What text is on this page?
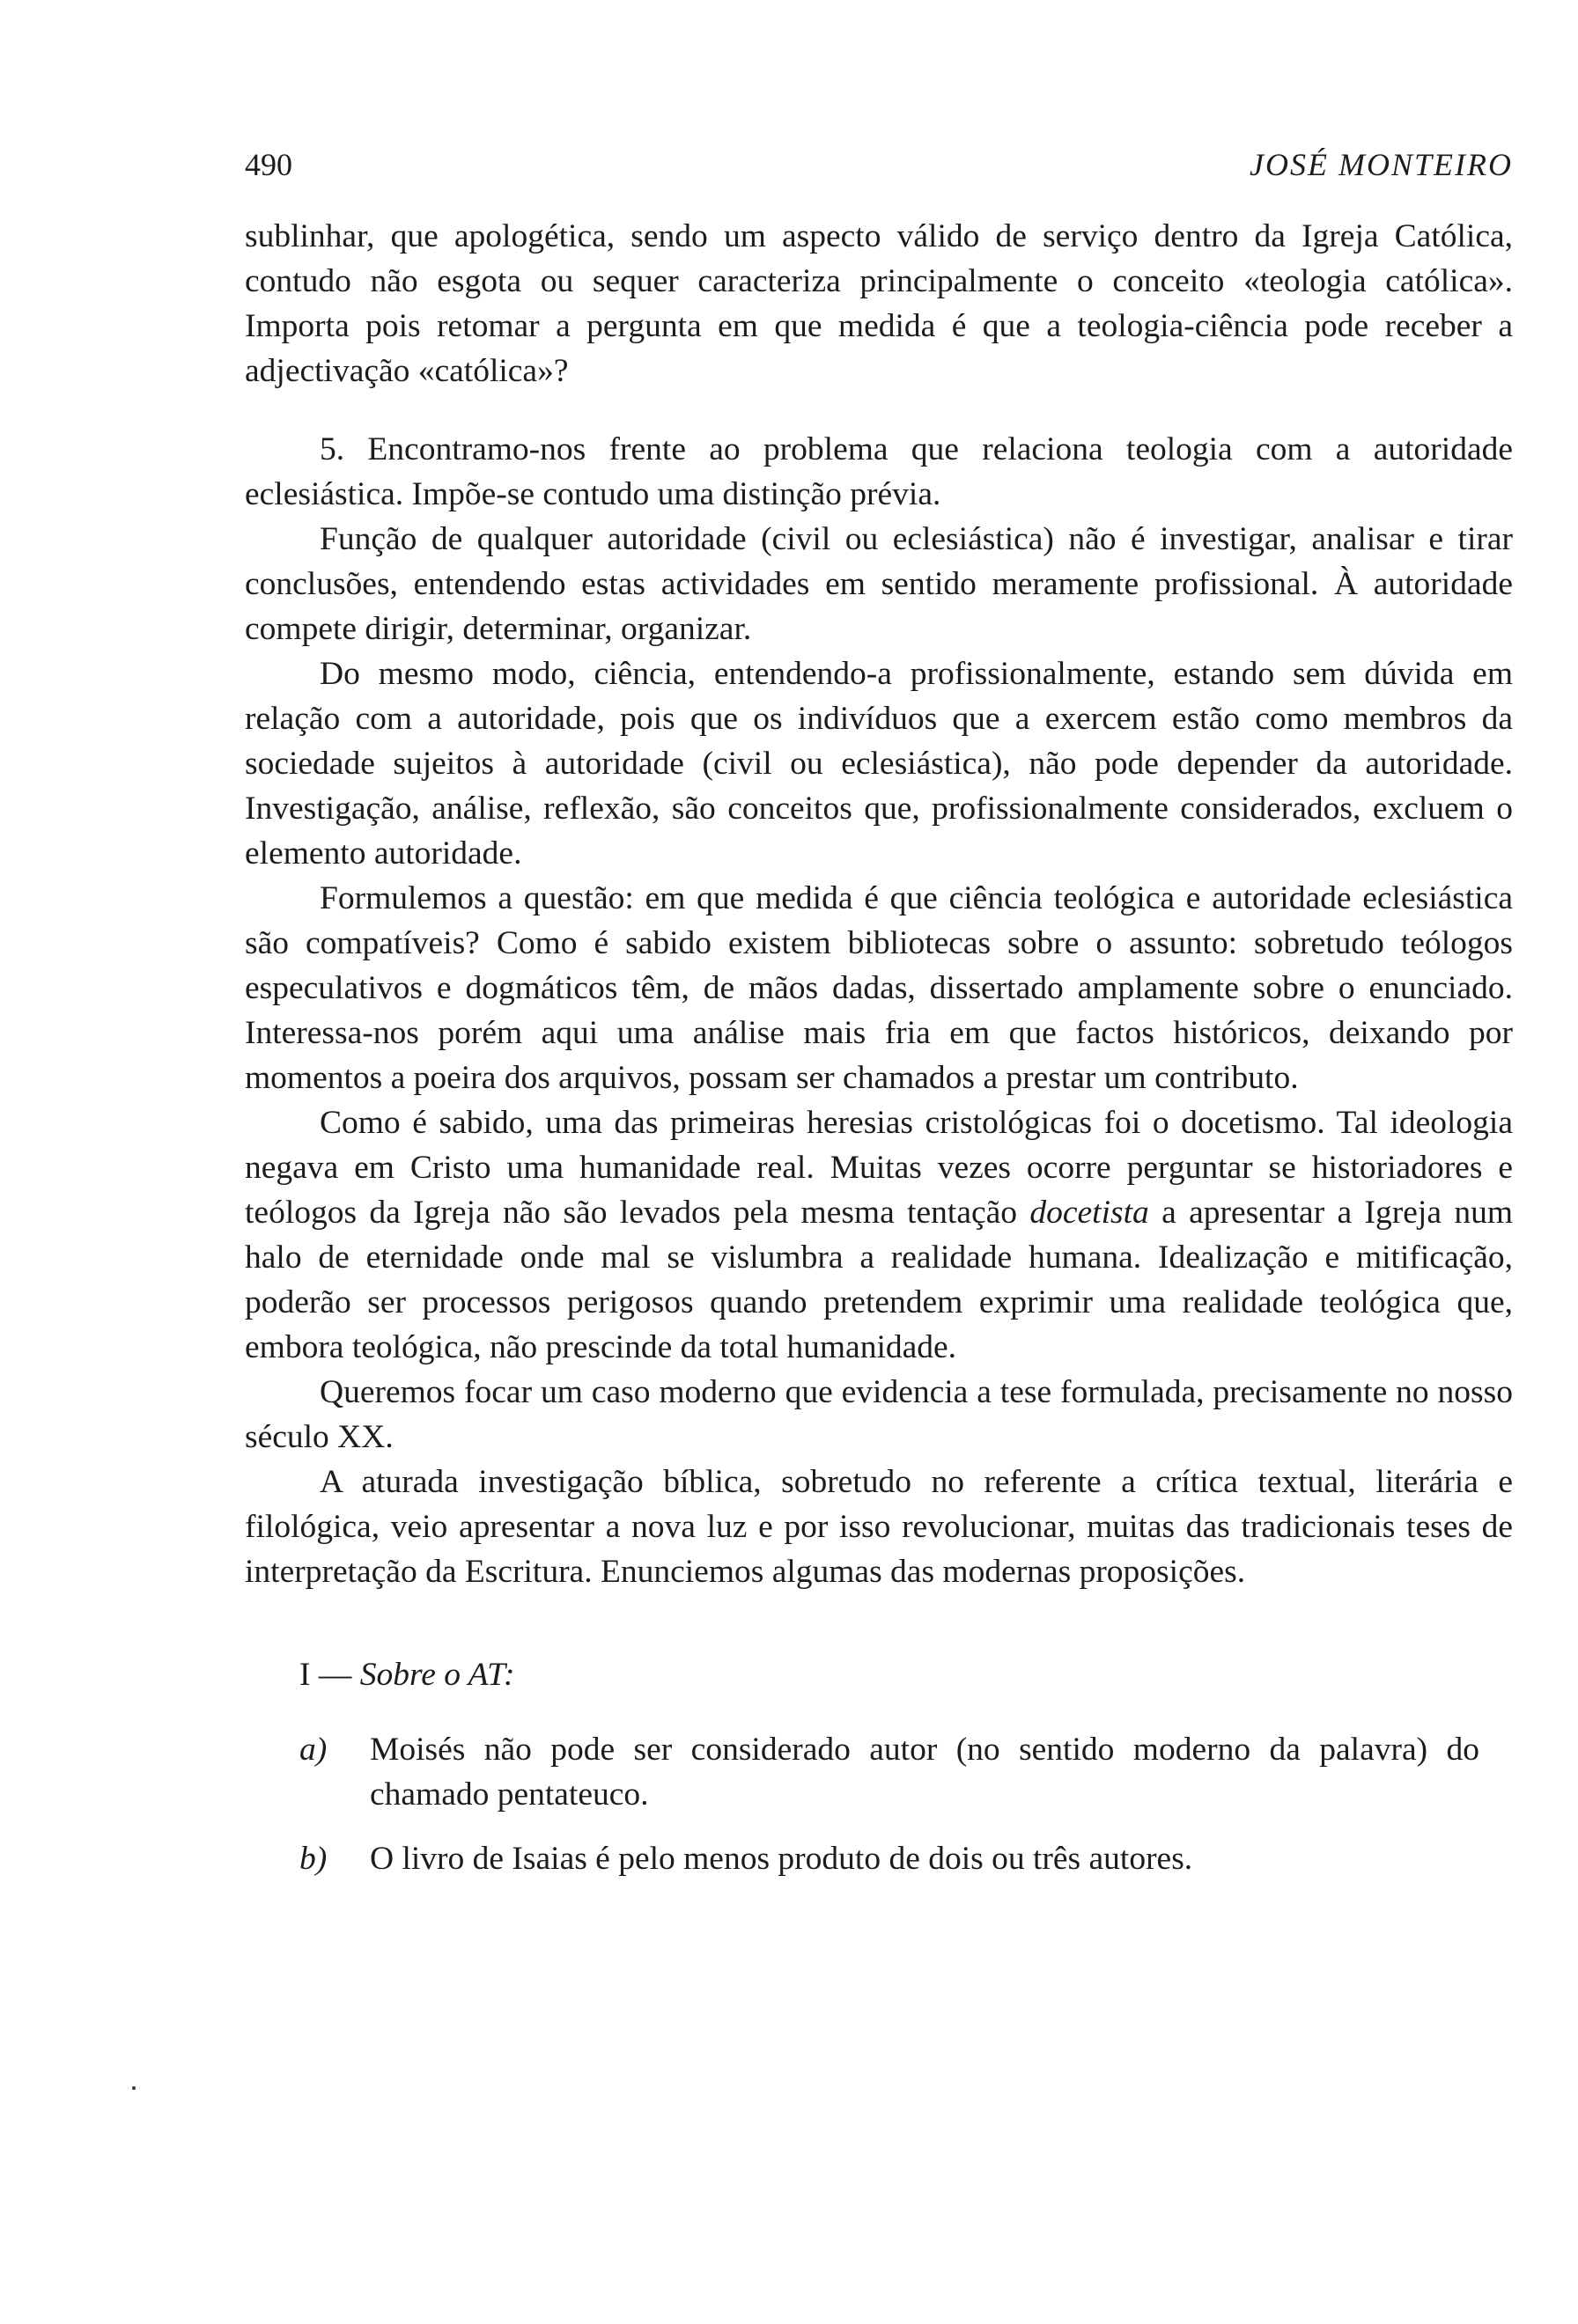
490	JOSÉ MONTEIRO

sublinhar, que apologética, sendo um aspecto válido de serviço dentro da Igreja Católica, contudo não esgota ou sequer caracteriza principalmente o conceito «teologia católica». Importa pois retomar a pergunta em que medida é que a teologia-ciência pode receber a adjectivação «católica»?

5. Encontramo-nos frente ao problema que relaciona teologia com a autoridade eclesiástica. Impõe-se contudo uma distinção prévia.

Função de qualquer autoridade (civil ou eclesiástica) não é investigar, analisar e tirar conclusões, entendendo estas actividades em sentido meramente profissional. À autoridade compete dirigir, determinar, organizar.

Do mesmo modo, ciência, entendendo-a profissionalmente, estando sem dúvida em relação com a autoridade, pois que os indivíduos que a exercem estão como membros da sociedade sujeitos à autoridade (civil ou eclesiástica), não pode depender da autoridade. Investigação, análise, reflexão, são conceitos que, profissionalmente considerados, excluem o elemento autoridade.

Formulemos a questão: em que medida é que ciência teológica e autoridade eclesiástica são compatíveis? Como é sabido existem bibliotecas sobre o assunto: sobretudo teólogos especulativos e dogmáticos têm, de mãos dadas, dissertado amplamente sobre o enunciado. Interessa-nos porém aqui uma análise mais fria em que factos históricos, deixando por momentos a poeira dos arquivos, possam ser chamados a prestar um contributo.

Como é sabido, uma das primeiras heresias cristológicas foi o docetismo. Tal ideologia negava em Cristo uma humanidade real. Muitas vezes ocorre perguntar se historiadores e teólogos da Igreja não são levados pela mesma tentação docetista a apresentar a Igreja num halo de eternidade onde mal se vislumbra a realidade humana. Idealização e mitificação, poderão ser processos perigosos quando pretendem exprimir uma realidade teológica que, embora teológica, não prescinde da total humanidade.

Queremos focar um caso moderno que evidencia a tese formulada, precisamente no nosso século XX.

A aturada investigação bíblica, sobretudo no referente a crítica textual, literária e filológica, veio apresentar a nova luz e por isso revolucionar, muitas das tradicionais teses de interpretação da Escritura. Enunciemos algumas das modernas proposições.

I — Sobre o AT:
a)	Moisés não pode ser considerado autor (no sentido moderno da palavra) do chamado pentateuco.
b)	O livro de Isaias é pelo menos produto de dois ou três autores.
